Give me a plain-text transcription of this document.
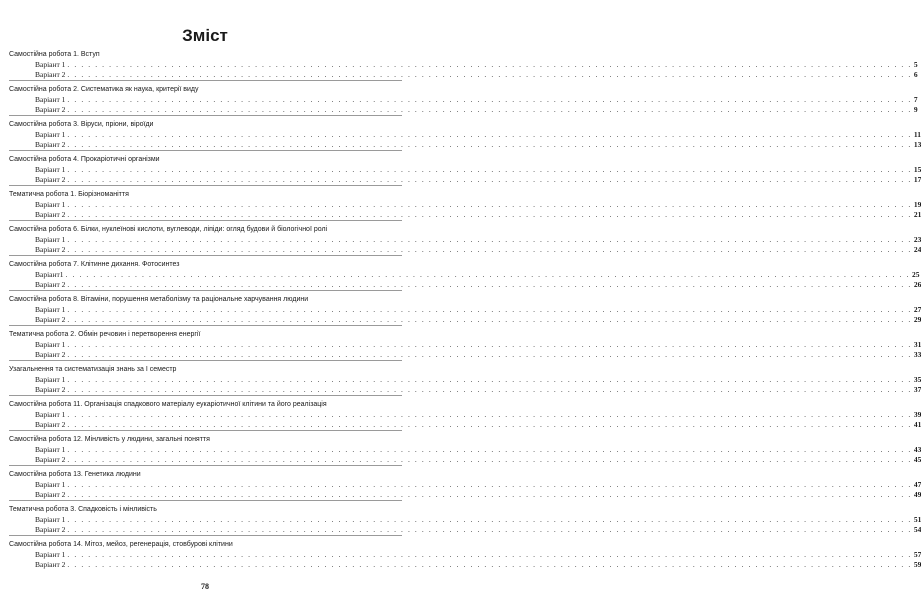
Зміст
Самостійна робота 1. Вступ
Варіант 1 . . . . . . . . . . . . . . . . . . . . . . . . . . . . . . . . . . . . . . . . . . . . . . . . . . . . . . . . . . . . . . . . . . . . . . . . . . . . . . . . . . . . . . . . . . . . . . . . . . . . . . . . . . . . . . . . . . . . . . . . . . 5
Варіант 2 . . . . . . . . . . . . . . . . . . . . . . . . . . . . . . . . . . . . . . . . . . . . . . . . . . . . . . . . . . . . . . . . . . . . . . . . . . . . . . . . . . . . . . . . . . . . . . . . . . . . . . . . . . . . . . . . . . . . . . . . . . 6
Самостійна робота 2. Систематика як наука, критерії виду
Варіант 1 . . . . . . . . . . . . . . . . . . . . . . . . . . . . . . . . . . . . . . . . . . . . . . . . . . . . . . . . . . . . . . . . . . . . . . . . . . . . . . . . . . . . . . . . . . . . . . . . . . . . . . . . . . . . . . . . . . . . . . . . . . 7
Варіант 2 . . . . . . . . . . . . . . . . . . . . . . . . . . . . . . . . . . . . . . . . . . . . . . . . . . . . . . . . . . . . . . . . . . . . . . . . . . . . . . . . . . . . . . . . . . . . . . . . . . . . . . . . . . . . . . . . . . . . . . . . . . 9
Самостійна робота 3. Віруси, пріони, віроїди
Варіант 1 . . . . . . . . . . . . . . . . . . . . . . . . . . . . . . . . . . . . . . . . . . . . . . . . . . . . . . . . . . . . . . . . . . . . . . . . . . . . . . . . . . . . . . . . . . . . . . . . . . . . . . . . . . . . . . . . . . . . . . . . . . 11
Варіант 2 . . . . . . . . . . . . . . . . . . . . . . . . . . . . . . . . . . . . . . . . . . . . . . . . . . . . . . . . . . . . . . . . . . . . . . . . . . . . . . . . . . . . . . . . . . . . . . . . . . . . . . . . . . . . . . . . . . . . . . . . . . 13
Самостійна робота 4. Прокаріотичні організми
Варіант 1 . . . . . . . . . . . . . . . . . . . . . . . . . . . . . . . . . . . . . . . . . . . . . . . . . . . . . . . . . . . . . . . . . . . . . . . . . . . . . . . . . . . . . . . . . . . . . . . . . . . . . . . . . . . . . . . . . . . . . . . . . . 15
Варіант 2 . . . . . . . . . . . . . . . . . . . . . . . . . . . . . . . . . . . . . . . . . . . . . . . . . . . . . . . . . . . . . . . . . . . . . . . . . . . . . . . . . . . . . . . . . . . . . . . . . . . . . . . . . . . . . . . . . . . . . . . . . . 17
Тематична робота 1. Біорізноманіття
Варіант 1 . . . . . . . . . . . . . . . . . . . . . . . . . . . . . . . . . . . . . . . . . . . . . . . . . . . . . . . . . . . . . . . . . . . . . . . . . . . . . . . . . . . . . . . . . . . . . . . . . . . . . . . . . . . . . . . . . . . . . . . . . . 19
Варіант 2 . . . . . . . . . . . . . . . . . . . . . . . . . . . . . . . . . . . . . . . . . . . . . . . . . . . . . . . . . . . . . . . . . . . . . . . . . . . . . . . . . . . . . . . . . . . . . . . . . . . . . . . . . . . . . . . . . . . . . . . . . . 21
Самостійна робота 6. Білки, нуклеїнові кислоти, вуглеводи, ліпіди: огляд будови й біологічної ролі
Варіант 1 . . . . . . . . . . . . . . . . . . . . . . . . . . . . . . . . . . . . . . . . . . . . . . . . . . . . . . . . . . . . . . . . . . . . . . . . . . . . . . . . . . . . . . . . . . . . . . . . . . . . . . . . . . . . . . . . . . . . . . . . . . 23
Варіант 2 . . . . . . . . . . . . . . . . . . . . . . . . . . . . . . . . . . . . . . . . . . . . . . . . . . . . . . . . . . . . . . . . . . . . . . . . . . . . . . . . . . . . . . . . . . . . . . . . . . . . . . . . . . . . . . . . . . . . . . . . . . 24
Самостійна робота 7. Клітинне дихання. Фотосинтез
Варіант1 . . . . . . . . . . . . . . . . . . . . . . . . . . . . . . . . . . . . . . . . . . . . . . . . . . . . . . . . . . . . . . . . . . . . . . . . . . . . . . . . . . . . . . . . . . . . . . . . . . . . . . . . . . . . . . . . . . . . . . . . . . 25
Варіант 2 . . . . . . . . . . . . . . . . . . . . . . . . . . . . . . . . . . . . . . . . . . . . . . . . . . . . . . . . . . . . . . . . . . . . . . . . . . . . . . . . . . . . . . . . . . . . . . . . . . . . . . . . . . . . . . . . . . . . . . . . . . 26
Самостійна робота 8. Вітаміни, порушення метаболізму та раціональне харчування людини
Варіант 1 . . . . . . . . . . . . . . . . . . . . . . . . . . . . . . . . . . . . . . . . . . . . . . . . . . . . . . . . . . . . . . . . . . . . . . . . . . . . . . . . . . . . . . . . . . . . . . . . . . . . . . . . . . . . . . . . . . . . . . . . . . 27
Варіант 2 . . . . . . . . . . . . . . . . . . . . . . . . . . . . . . . . . . . . . . . . . . . . . . . . . . . . . . . . . . . . . . . . . . . . . . . . . . . . . . . . . . . . . . . . . . . . . . . . . . . . . . . . . . . . . . . . . . . . . . . . . . 29
Тематична робота 2. Обмін речовин і перетворення енергії
Варіант 1 . . . . . . . . . . . . . . . . . . . . . . . . . . . . . . . . . . . . . . . . . . . . . . . . . . . . . . . . . . . . . . . . . . . . . . . . . . . . . . . . . . . . . . . . . . . . . . . . . . . . . . . . . . . . . . . . . . . . . . . . . . 31
Варіант 2 . . . . . . . . . . . . . . . . . . . . . . . . . . . . . . . . . . . . . . . . . . . . . . . . . . . . . . . . . . . . . . . . . . . . . . . . . . . . . . . . . . . . . . . . . . . . . . . . . . . . . . . . . . . . . . . . . . . . . . . . . . 33
Узагальнення та систематизація знань за І семестр
Варіант 1 . . . . . . . . . . . . . . . . . . . . . . . . . . . . . . . . . . . . . . . . . . . . . . . . . . . . . . . . . . . . . . . . . . . . . . . . . . . . . . . . . . . . . . . . . . . . . . . . . . . . . . . . . . . . . . . . . . . . . . . . . . 35
Варіант 2 . . . . . . . . . . . . . . . . . . . . . . . . . . . . . . . . . . . . . . . . . . . . . . . . . . . . . . . . . . . . . . . . . . . . . . . . . . . . . . . . . . . . . . . . . . . . . . . . . . . . . . . . . . . . . . . . . . . . . . . . . . 37
Самостійна робота 11. Організація спадкового матеріалу еукаріотичної клітини та його реалізація
Варіант 1 . . . . . . . . . . . . . . . . . . . . . . . . . . . . . . . . . . . . . . . . . . . . . . . . . . . . . . . . . . . . . . . . . . . . . . . . . . . . . . . . . . . . . . . . . . . . . . . . . . . . . . . . . . . . . . . . . . . . . . . . . . 39
Варіант 2 . . . . . . . . . . . . . . . . . . . . . . . . . . . . . . . . . . . . . . . . . . . . . . . . . . . . . . . . . . . . . . . . . . . . . . . . . . . . . . . . . . . . . . . . . . . . . . . . . . . . . . . . . . . . . . . . . . . . . . . . . . 41
Самостійна робота 12. Мінливість у людини, загальні поняття
Варіант 1 . . . . . . . . . . . . . . . . . . . . . . . . . . . . . . . . . . . . . . . . . . . . . . . . . . . . . . . . . . . . . . . . . . . . . . . . . . . . . . . . . . . . . . . . . . . . . . . . . . . . . . . . . . . . . . . . . . . . . . . . . . 43
Варіант 2 . . . . . . . . . . . . . . . . . . . . . . . . . . . . . . . . . . . . . . . . . . . . . . . . . . . . . . . . . . . . . . . . . . . . . . . . . . . . . . . . . . . . . . . . . . . . . . . . . . . . . . . . . . . . . . . . . . . . . . . . . . 45
Самостійна робота 13. Генетика людини
Варіант 1 . . . . . . . . . . . . . . . . . . . . . . . . . . . . . . . . . . . . . . . . . . . . . . . . . . . . . . . . . . . . . . . . . . . . . . . . . . . . . . . . . . . . . . . . . . . . . . . . . . . . . . . . . . . . . . . . . . . . . . . . . . 47
Варіант 2 . . . . . . . . . . . . . . . . . . . . . . . . . . . . . . . . . . . . . . . . . . . . . . . . . . . . . . . . . . . . . . . . . . . . . . . . . . . . . . . . . . . . . . . . . . . . . . . . . . . . . . . . . . . . . . . . . . . . . . . . . . 49
Тематична робота 3. Спадковість і мінливість
Варіант 1 . . . . . . . . . . . . . . . . . . . . . . . . . . . . . . . . . . . . . . . . . . . . . . . . . . . . . . . . . . . . . . . . . . . . . . . . . . . . . . . . . . . . . . . . . . . . . . . . . . . . . . . . . . . . . . . . . . . . . . . . . . 51
Варіант 2 . . . . . . . . . . . . . . . . . . . . . . . . . . . . . . . . . . . . . . . . . . . . . . . . . . . . . . . . . . . . . . . . . . . . . . . . . . . . . . . . . . . . . . . . . . . . . . . . . . . . . . . . . . . . . . . . . . . . . . . . . . 54
Самостійна робота 14. Мітоз, мейоз, регенерація, стовбурові клітини
Варіант 1 . . . . . . . . . . . . . . . . . . . . . . . . . . . . . . . . . . . . . . . . . . . . . . . . . . . . . . . . . . . . . . . . . . . . . . . . . . . . . . . . . . . . . . . . . . . . . . . . . . . . . . . . . . . . . . . . . . . . . . . . . . 57
Варіант 2 . . . . . . . . . . . . . . . . . . . . . . . . . . . . . . . . . . . . . . . . . . . . . . . . . . . . . . . . . . . . . . . . . . . . . . . . . . . . . . . . . . . . . . . . . . . . . . . . . . . . . . . . . . . . . . . . . . . . . . . . . . 59
78
